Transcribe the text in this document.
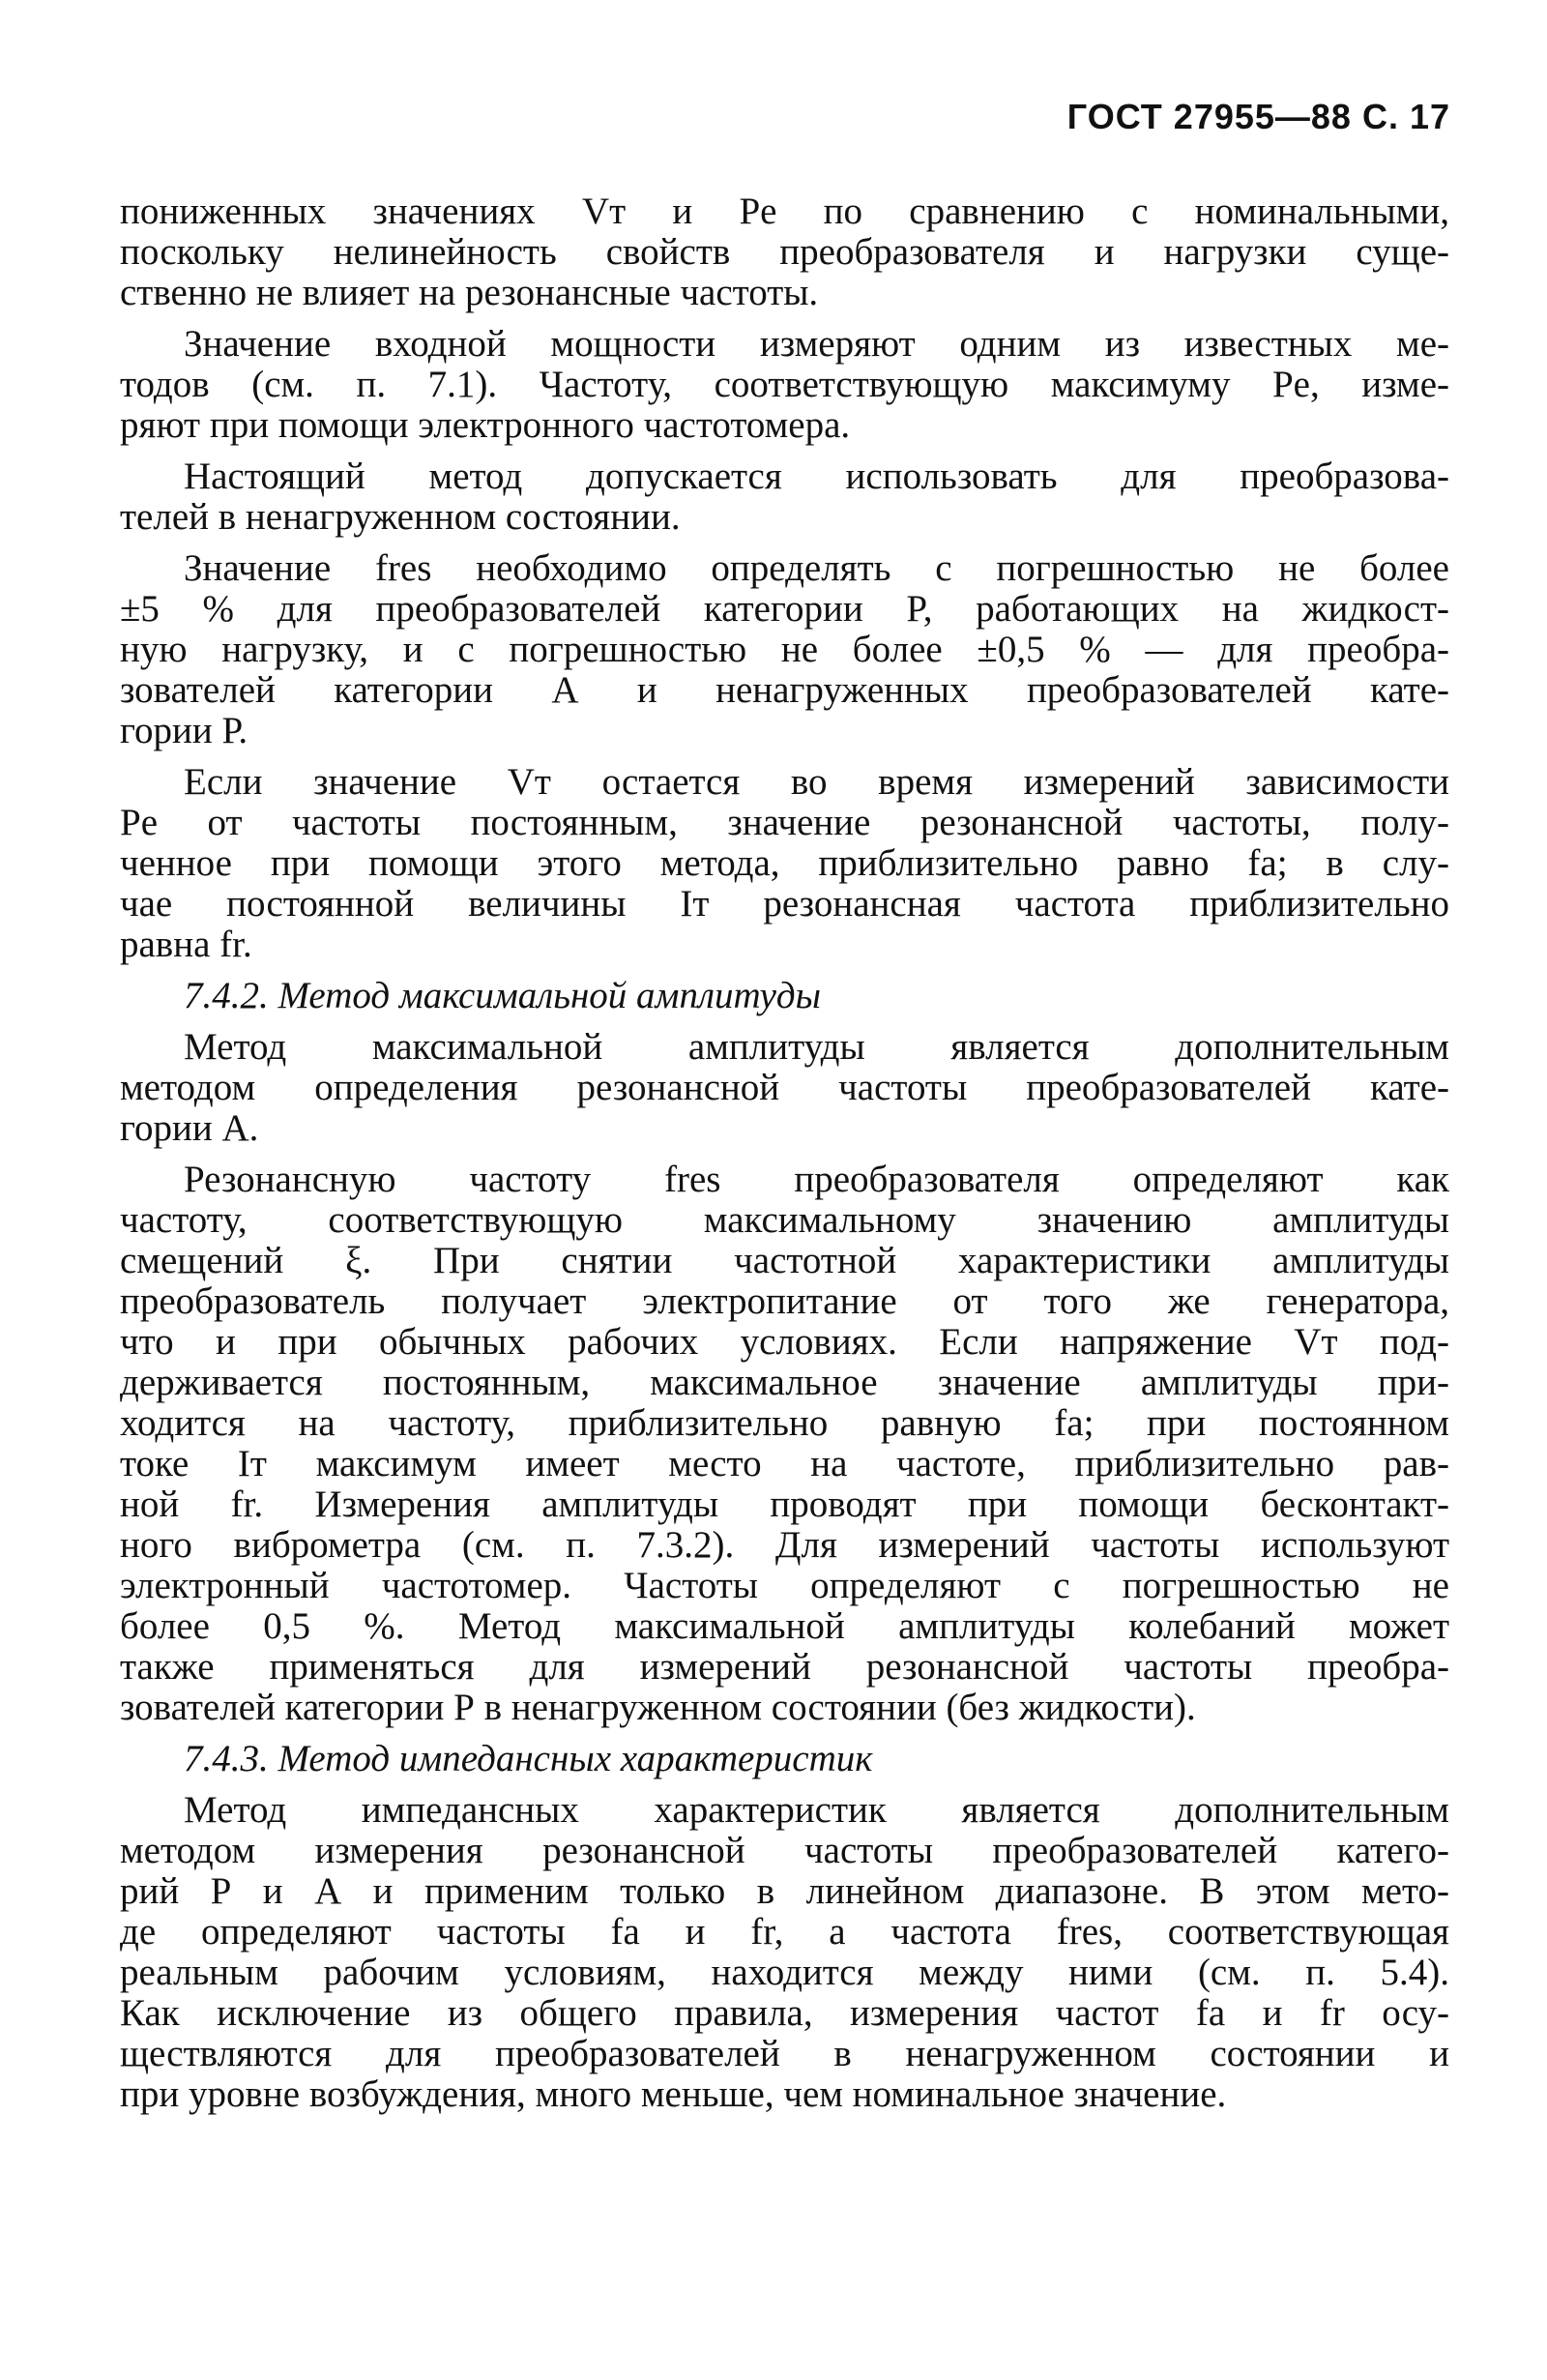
ГОСТ 27955—88 С. 17
пониженных значениях Vт и Pe по сравнению с номинальными,
поскольку нелинейность свойств преобразователя и нагрузки суще-
ственно не влияет на резонансные частоты.
Значение входной мощности измеряют одним из известных ме-
тодов (см. п. 7.1). Частоту, соответствующую максимуму Pe, изме-
ряют при помощи электронного частотомера.
Настоящий метод допускается использовать для преобразова-
телей в ненагруженном состоянии.
Значение fres необходимо определять с погрешностью не более
±5 % для преобразователей категории P, работающих на жидкост-
ную нагрузку, и с погрешностью не более ±0,5 % — для преобра-
зователей категории А и ненагруженных преобразователей кате-
гории Р.
Если значение Vт остается во время измерений зависимости
Pe от частоты постоянным, значение резонансной частоты, полу-
ченное при помощи этого метода, приблизительно равно fa; в слу-
чае постоянной величины Iт резонансная частота приблизительно
равна fr.
7.4.2. Метод максимальной амплитуды
Метод максимальной амплитуды является дополнительным
методом определения резонансной частоты преобразователей кате-
гории А.
Резонансную частоту fres преобразователя определяют как
частоту, соответствующую максимальному значению амплитуды
смещений ξ. При снятии частотной характеристики амплитуды
преобразователь получает электропитание от того же генератора,
что и при обычных рабочих условиях. Если напряжение Vт под-
держивается постоянным, максимальное значение амплитуды при-
ходится на частоту, приблизительно равную fa; при постоянном
токе Iт максимум имеет место на частоте, приблизительно рав-
ной fr. Измерения амплитуды проводят при помощи бесконтакт-
ного виброметра (см. п. 7.3.2). Для измерений частоты используют
электронный частотомер. Частоты определяют с погрешностью не
более 0,5 %. Метод максимальной амплитуды колебаний может
также применяться для измерений резонансной частоты преобра-
зователей категории Р в ненагруженном состоянии (без жидкости).
7.4.3. Метод импедансных характеристик
Метод импедансных характеристик является дополнительным
методом измерения резонансной частоты преобразователей катего-
рий Р и А и применим только в линейном диапазоне. В этом мето-
де определяют частоты fa и fr, а частота fres, соответствующая
реальным рабочим условиям, находится между ними (см. п. 5.4).
Как исключение из общего правила, измерения частот fa и fr осу-
ществляются для преобразователей в ненагруженном состоянии и
при уровне возбуждения, много меньше, чем номинальное значение.
